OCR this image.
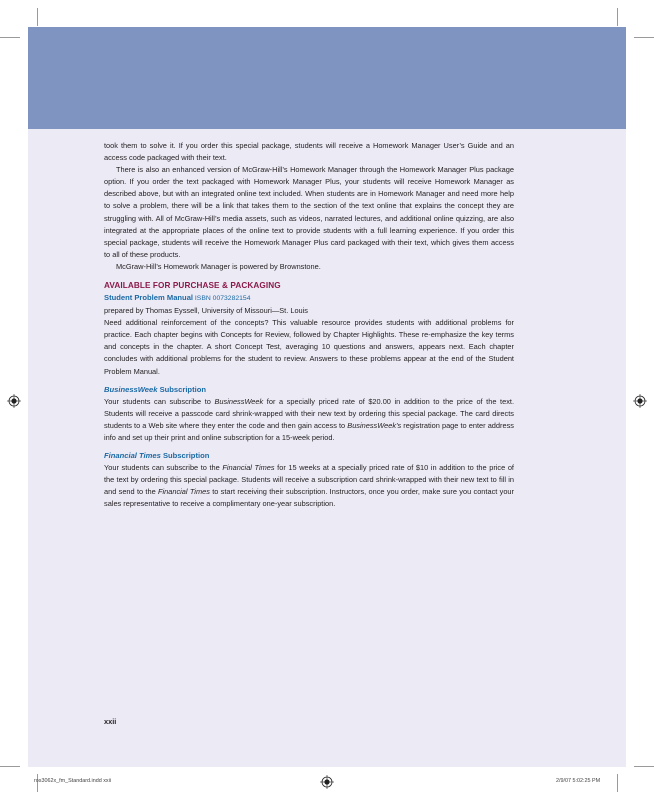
took them to solve it. If you order this special package, students will receive a Homework Manager User’s Guide and an access code packaged with their text.

There is also an enhanced version of McGraw-Hill’s Homework Manager through the Homework Manager Plus package option. If you order the text packaged with Homework Manager Plus, your students will receive Homework Manager as described above, but with an integrated online text included. When students are in Homework Manager and need more help to solve a problem, there will be a link that takes them to the section of the text online that explains the concept they are struggling with. All of McGraw-Hill’s media assets, such as videos, narrated lectures, and additional online quizzing, are also integrated at the appropriate places of the online text to provide students with a full learning experience. If you order this special package, students will receive the Homework Manager Plus card packaged with their text, which gives them access to all of these products.

McGraw-Hill’s Homework Manager is powered by Brownstone.

AVAILABLE FOR PURCHASE & PACKAGING

Student Problem Manual ISBN 0073282154

prepared by Thomas Eyssell, University of Missouri—St. Louis

Need additional reinforcement of the concepts? This valuable resource provides students with additional problems for practice. Each chapter begins with Concepts for Review, followed by Chapter Highlights. These re-emphasize the key terms and concepts in the chapter. A short Concept Test, averaging 10 questions and answers, appears next. Each chapter concludes with additional problems for the student to review. Answers to these problems appear at the end of the Student Problem Manual.

BusinessWeek Subscription

Your students can subscribe to BusinessWeek for a specially priced rate of $20.00 in addition to the price of the text. Students will receive a passcode card shrink-wrapped with their new text by ordering this special package. The card directs students to a Web site where they enter the code and then gain access to BusinessWeek’s registration page to enter address info and set up their print and online subscription for a 15-week period.

Financial Times Subscription

Your students can subscribe to the Financial Times for 15 weeks at a specially priced rate of $10 in addition to the price of the text by ordering this special package. Students will receive a subscription card shrink-wrapped with their new text to fill in and send to the Financial Times to start receiving their subscription. Instructors, once you order, make sure you contact your sales representative to receive a complimentary one-year subscription.

xxii
ros3062x_fm_Standard.indd xxii	2/9/07 5:02:25 PM
